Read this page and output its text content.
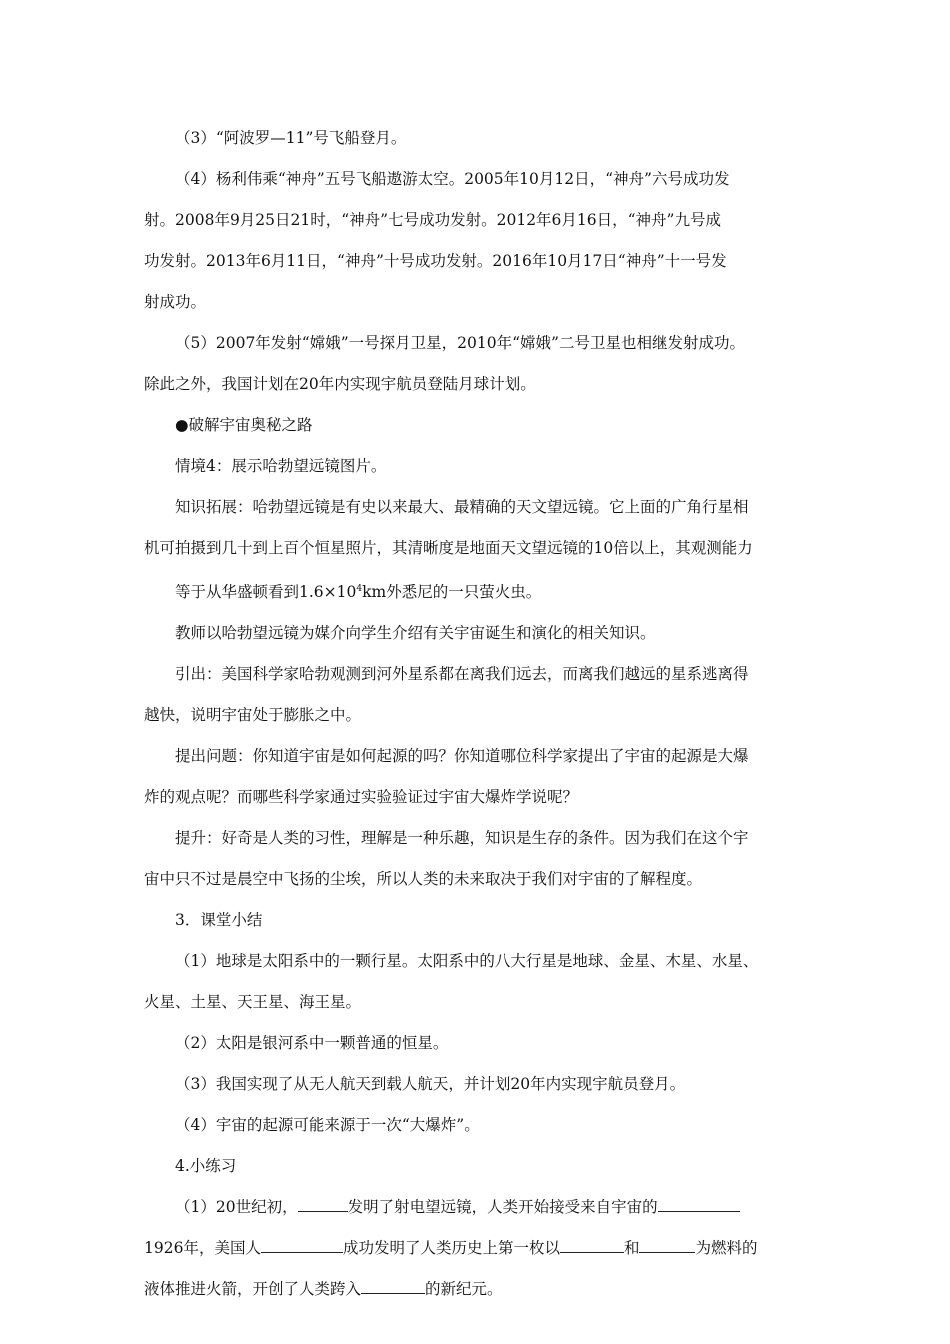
（3）“阿波罗—11”号飞船登月。

（4）杨利伟乘“神舟”五号飞船遨游太空。2005年10月12日，“神舟”六号成功发

射。2008年9月25日21时，“神舟”七号成功发射。2012年6月16日，“神舟”九号成

功发射。2013年6月11日，“神舟”十号成功发射。2016年10月17日“神舟”十一号发

射成功。

（5）2007年发射“嫦娥”一号探月卫星，2010年“嫦娥”二号卫星也相继发射成功。

除此之外，我国计划在20年内实现宇航员登陆月球计划。

●破解宇宙奥秘之路

情境4：展示哈勃望远镜图片。

知识拓展：哈勃望远镜是有史以来最大、最精确的天文望远镜。它上面的广角行星相

机可拍摄到几十到上百个恒星照片，其清晰度是地面天文望远镜的10倍以上，其观测能力

等于从华盛顿看到$1.6\times 10^4km$外悉尼的一只萤火虫。

教师以哈勃望远镜为媒介向学生介绍有关宇宙诞生和演化的相关知识。

引出：美国科学家哈勃观测到河外星系都在离我们远去，而离我们越远的星系逃离得

越快，说明宇宙处于膨胀之中。

提出问题：你知道宇宙是如何起源的吗？你知道哪位科学家提出了宇宙的起源是大爆

炸的观点呢？而哪些科学家通过实验验证过宇宙大爆炸学说呢？

提升：好奇是人类的习性，理解是一种乐趣，知识是生存的条件。因为我们在这个宇

宙中只不过是晨空中飞扬的尘埃，所以人类的未来取决于我们对宇宙的了解程度。

3．课堂小结

（1）地球是太阳系中的一颗行星。太阳系中的八大行星是地球、金星、木星、水星、

火星、土星、天王星、海王星。

（2）太阳是银河系中一颗普通的恒星。

（3）我国实现了从无人航天到载人航天，并计划20年内实现宇航员登月。

（4）宇宙的起源可能来源于一次“大爆炸”。

4.小练习

（1）20世纪初，	发明了射电望远镜，人类开始接受来自宇宙的

1926年，美国人	成功发明了人类历史上第一枚以	和	为燃料的

液体推进火箭，开创了人类跨入	的新纪元。
